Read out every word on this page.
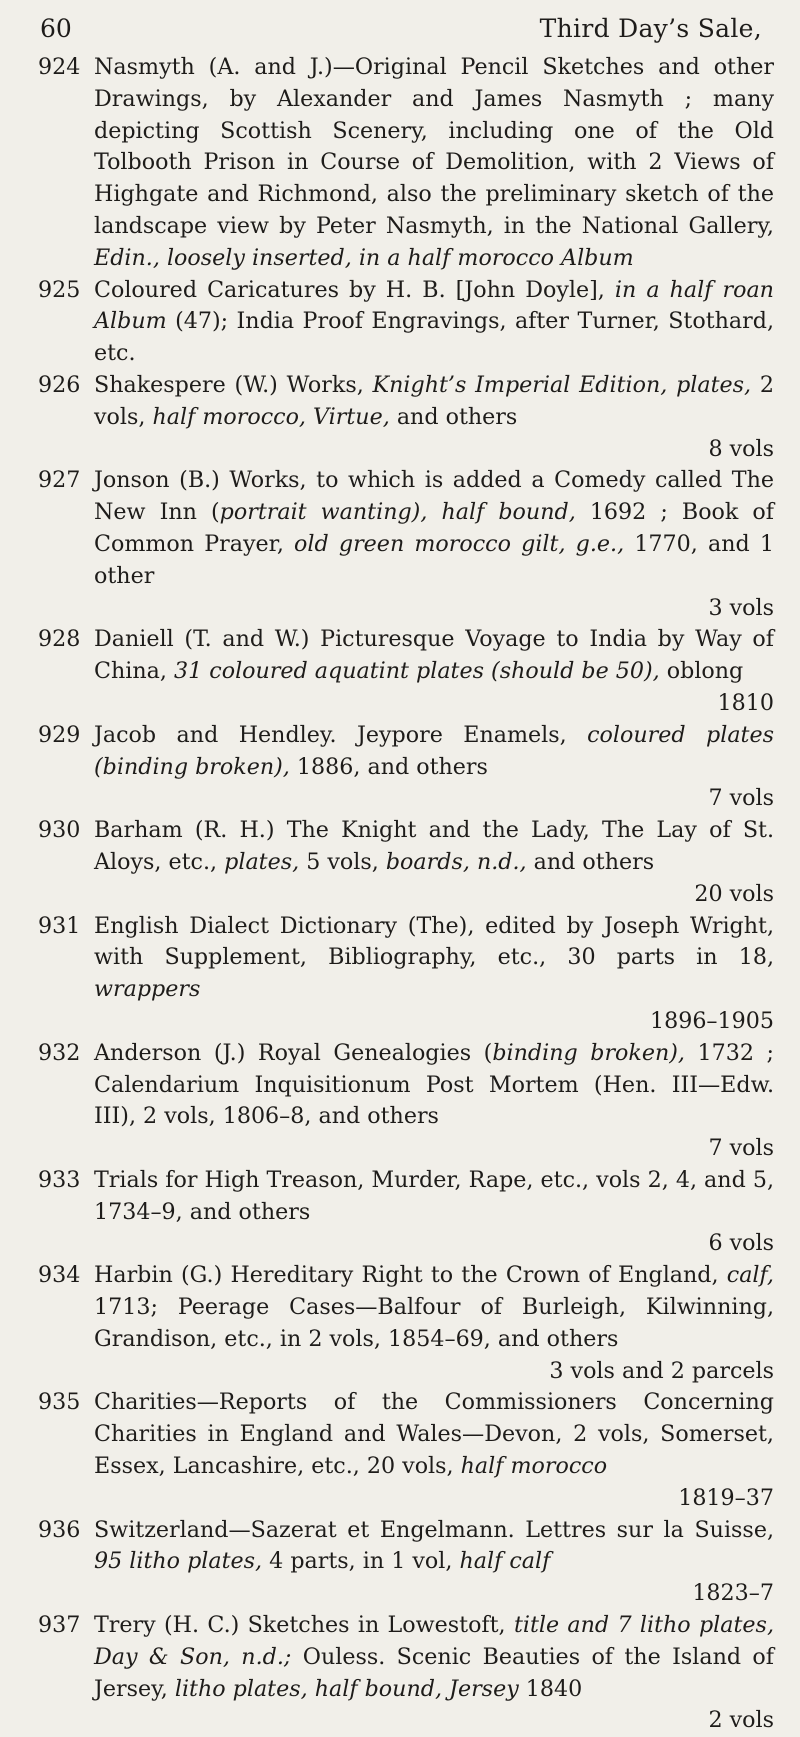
60	Third Day’s Sale,
924 Nasmyth (A. and J.)—Original Pencil Sketches and other Drawings, by Alexander and James Nasmyth ; many depicting Scottish Scenery, including one of the Old Tolbooth Prison in Course of Demolition, with 2 Views of Highgate and Richmond, also the preliminary sketch of the landscape view by Peter Nasmyth, in the National Gallery, Edin., loosely inserted, in a half morocco Album
925 Coloured Caricatures by H. B. [John Doyle], in a half roan Album (47); India Proof Engravings, after Turner, Stothard, etc.
926 Shakespere (W.) Works, Knight’s Imperial Edition, plates, 2 vols, half morocco, Virtue, and others
8 vols
927 Jonson (B.) Works, to which is added a Comedy called The New Inn (portrait wanting), half bound, 1692 ; Book of Common Prayer, old green morocco gilt, g.e., 1770, and 1 other
3 vols
928 Daniell (T. and W.) Picturesque Voyage to India by Way of China, 31 coloured aquatint plates (should be 50), oblong
1810
929 Jacob and Hendley. Jeypore Enamels, coloured plates (binding broken), 1886, and others
7 vols
930 Barham (R. H.) The Knight and the Lady, The Lay of St. Aloys, etc., plates, 5 vols, boards, n.d., and others
20 vols
931 English Dialect Dictionary (The), edited by Joseph Wright, with Supplement, Bibliography, etc., 30 parts in 18, wrappers
1896–1905
932 Anderson (J.) Royal Genealogies (binding broken), 1732 ; Calendarium Inquisitionum Post Mortem (Hen. III—Edw. III), 2 vols, 1806–8, and others
7 vols
933 Trials for High Treason, Murder, Rape, etc., vols 2, 4, and 5, 1734–9, and others
6 vols
934 Harbin (G.) Hereditary Right to the Crown of England, calf, 1713; Peerage Cases—Balfour of Burleigh, Kilwinning, Grandison, etc., in 2 vols, 1854–69, and others
3 vols and 2 parcels
935 Charities—Reports of the Commissioners Concerning Charities in England and Wales—Devon, 2 vols, Somerset, Essex, Lancashire, etc., 20 vols, half morocco
1819–37
936 Switzerland—Sazerat et Engelmann. Lettres sur la Suisse, 95 litho plates, 4 parts, in 1 vol, half calf
1823–7
937 Trery (H. C.) Sketches in Lowestoft, title and 7 litho plates, Day & Son, n.d.; Ouless. Scenic Beauties of the Island of Jersey, litho plates, half bound, Jersey 1840
2 vols
